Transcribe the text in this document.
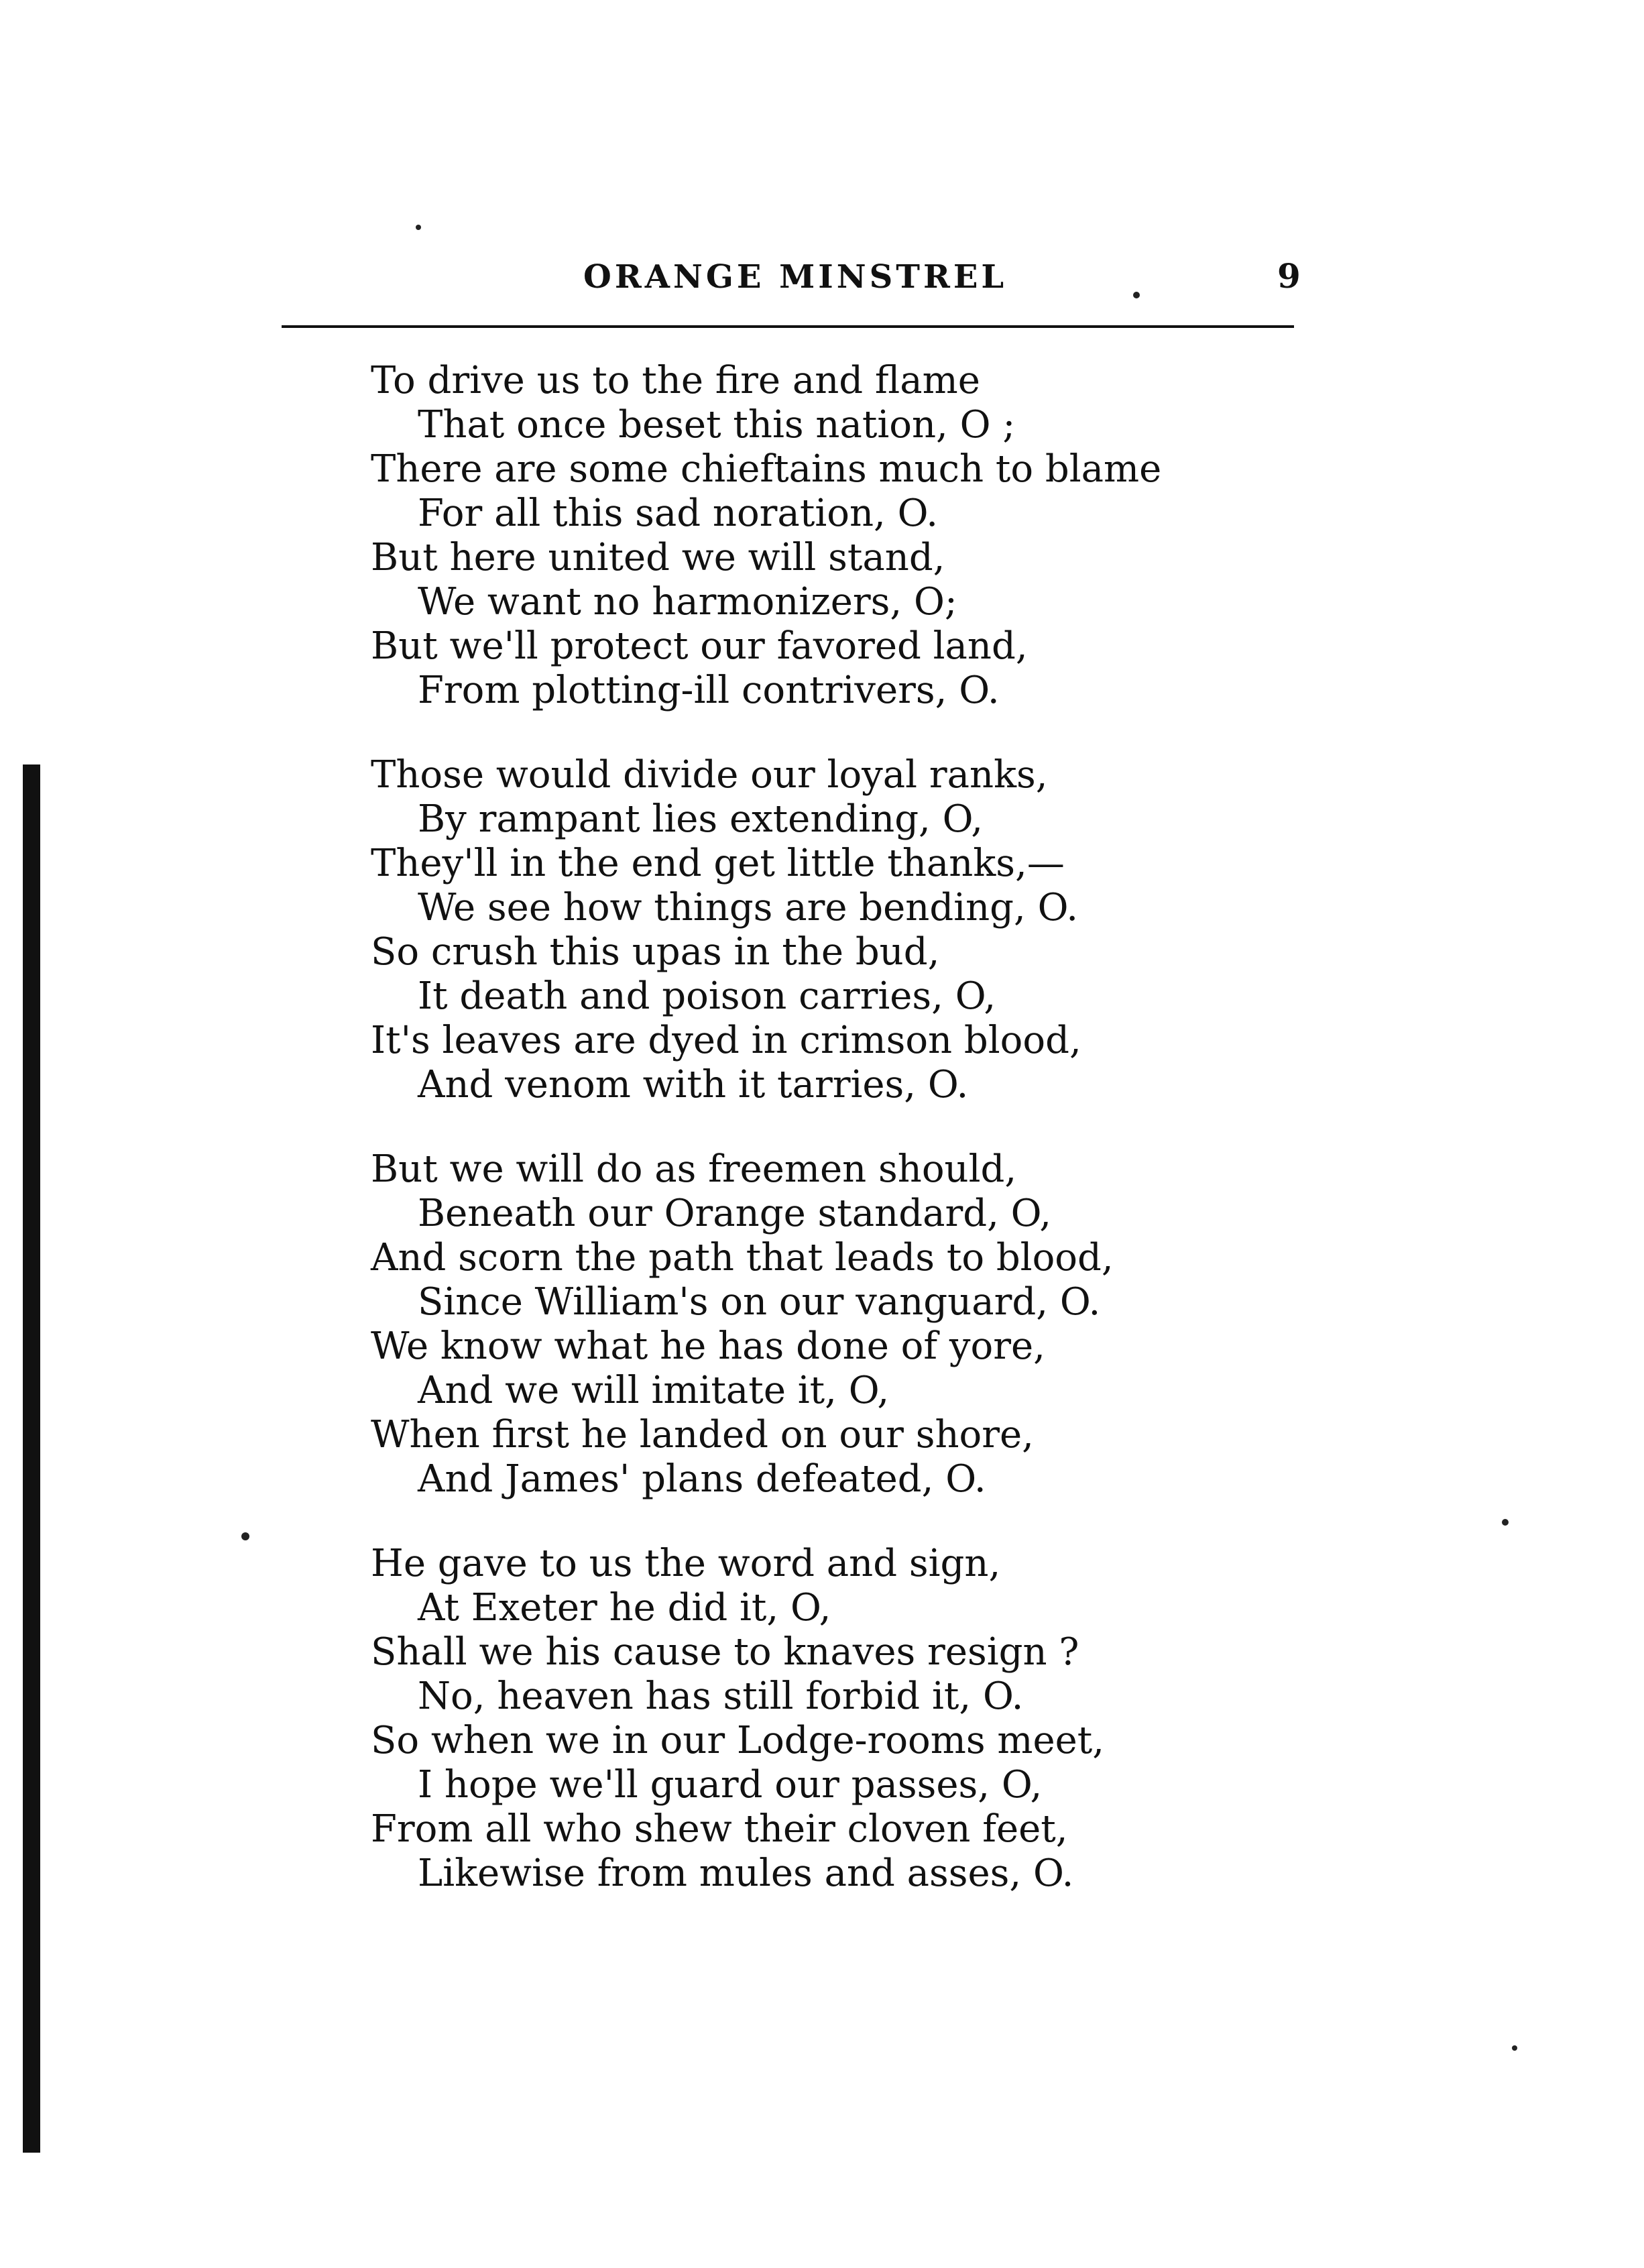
ORANGE MINSTREL	9
To drive us to the fire and flame
That once beset this nation, O ;
There are some chieftains much to blame
For all this sad noration, O.
But here united we will stand,
We want no harmonizers, O;
But we'll protect our favored land,
From plotting-ill contrivers, O.
Those would divide our loyal ranks,
By rampant lies extending, O,
They'll in the end get little thanks,—
We see how things are bending, O.
So crush this upas in the bud,
It death and poison carries, O,
It's leaves are dyed in crimson blood,
And venom with it tarries, O.
But we will do as freemen should,
Beneath our Orange standard, O,
And scorn the path that leads to blood,
Since William's on our vanguard, O.
We know what he has done of yore,
And we will imitate it, O,
When first he landed on our shore,
And James' plans defeated, O.
He gave to us the word and sign,
At Exeter he did it, O,
Shall we his cause to knaves resign ?
No, heaven has still forbid it, O.
So when we in our Lodge-rooms meet,
I hope we'll guard our passes, O,
From all who shew their cloven feet,
Likewise from mules and asses, O.
